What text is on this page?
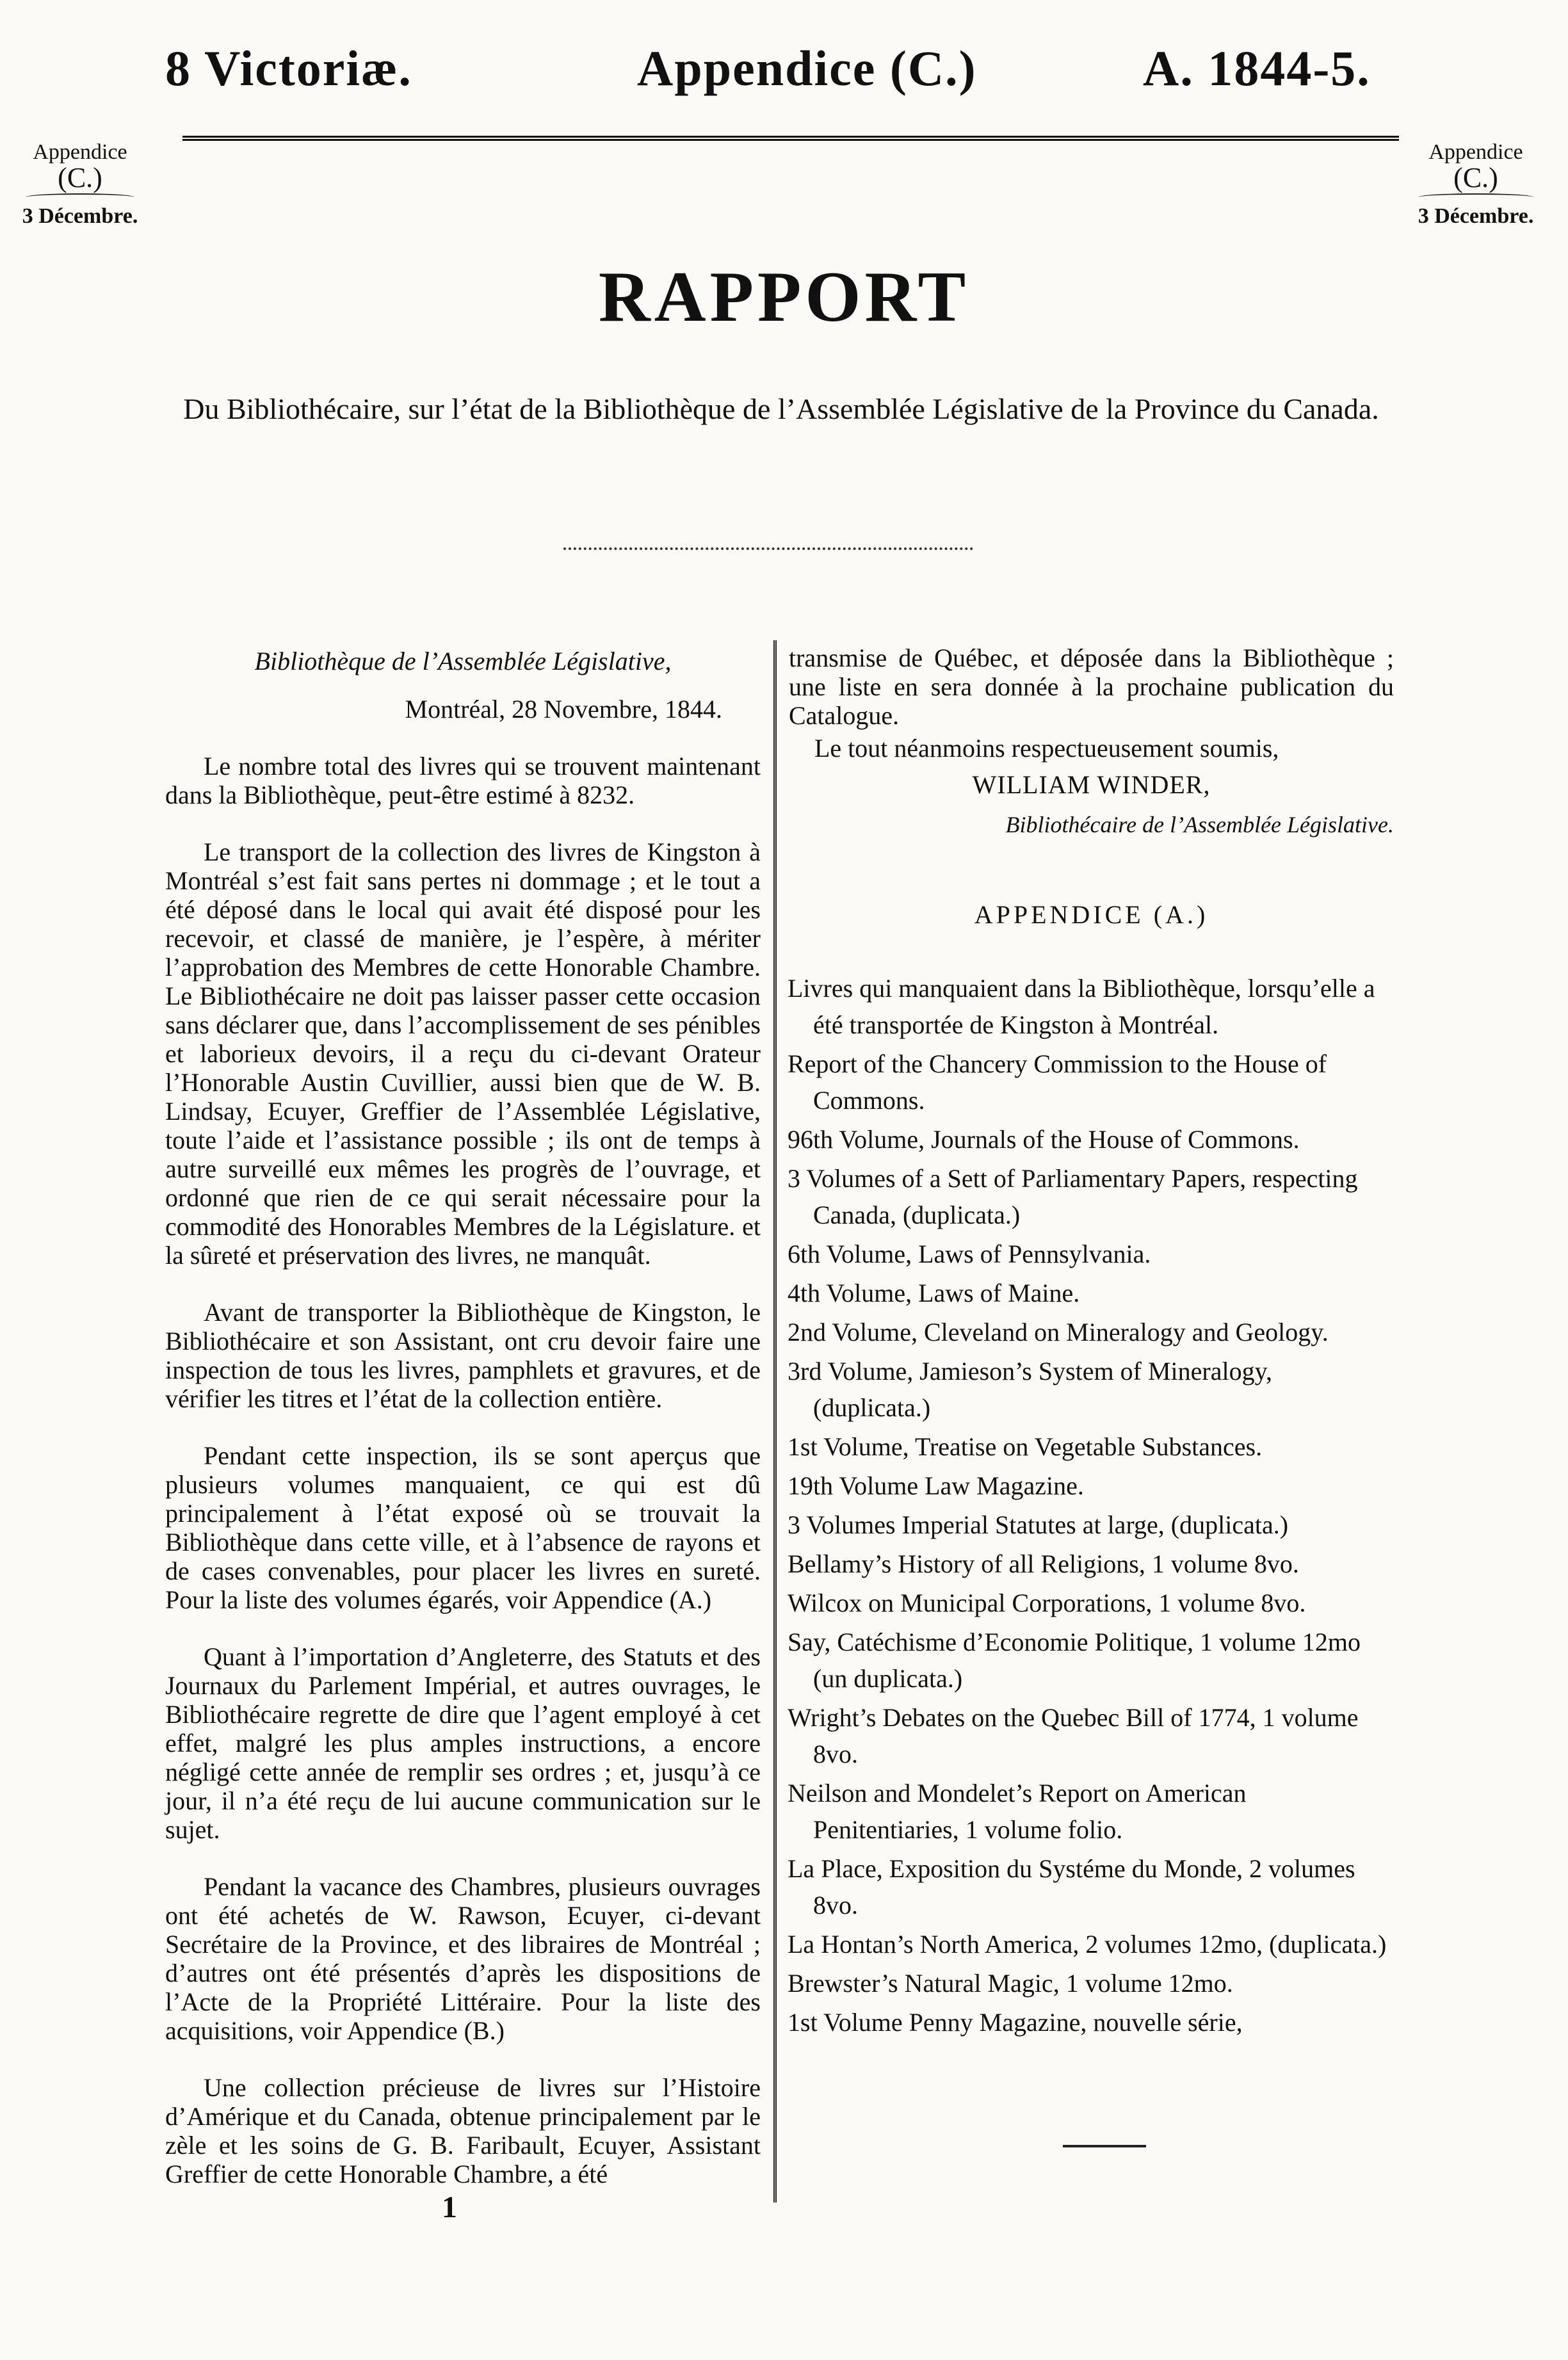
8 Victoriæ.	Appendice (C.)	A. 1844-5.
Appendice
(C.)
3 Décembre.
Appendice
(C.)
3 Décembre.
RAPPORT
Du Bibliothécaire, sur l’état de la Bibliothèque de l’Assemblée Législative de la Province du Canada.
Bibliothèque de l’Assemblée Législative,
Montréal, 28 Novembre, 1844.

Le nombre total des livres qui se trouvent maintenant dans la Bibliothèque, peut-être estimé à 8232.

Le transport de la collection des livres de Kingston à Montréal s’est fait sans pertes ni dommage ; et le tout a été déposé dans le local qui avait été disposé pour les recevoir, et classé de manière, je l’espère, à mériter l’approbation des Membres de cette Honorable Chambre. Le Bibliothécaire ne doit pas laisser passer cette occasion sans déclarer que, dans l’accomplissement de ses pénibles et laborieux devoirs, il a reçu du ci-devant Orateur l’Honorable Austin Cuvillier, aussi bien que de W. B. Lindsay, Ecuyer, Greffier de l’Assemblée Législative, toute l’aide et l’assistance possible ; ils ont de temps à autre surveillé eux mêmes les progrès de l’ouvrage, et ordonné que rien de ce qui serait nécessaire pour la commodité des Honorables Membres de la Législature. et la sûreté et préservation des livres, ne manquât.

Avant de transporter la Bibliothèque de Kingston, le Bibliothécaire et son Assistant, ont cru devoir faire une inspection de tous les livres, pamphlets et gravures, et de vérifier les titres et l’état de la collection entière.

Pendant cette inspection, ils se sont aperçus que plusieurs volumes manquaient, ce qui est dû principalement à l’état exposé où se trouvait la Bibliothèque dans cette ville, et à l’absence de rayons et de cases convenables, pour placer les livres en sureté. Pour la liste des volumes égarés, voir Appendice (A.)

Quant à l’importation d’Angleterre, des Statuts et des Journaux du Parlement Impérial, et autres ouvrages, le Bibliothécaire regrette de dire que l’agent employé à cet effet, malgré les plus amples instructions, a encore négligé cette année de remplir ses ordres ; et, jusqu’à ce jour, il n’a été reçu de lui aucune communication sur le sujet.

Pendant la vacance des Chambres, plusieurs ouvrages ont été achetés de W. Rawson, Ecuyer, ci-devant Secrétaire de la Province, et des libraires de Montréal ; d’autres ont été présentés d’après les dispositions de l’Acte de la Propriété Littéraire. Pour la liste des acquisitions, voir Appendice (B.)

Une collection précieuse de livres sur l’Histoire d’Amérique et du Canada, obtenue principalement par le zèle et les soins de G. B. Faribault, Ecuyer, Assistant Greffier de cette Honorable Chambre, a été

transmise de Québec, et déposée dans la Bibliothèque ; une liste en sera donnée à la prochaine publication du Catalogue.

Le tout néanmoins respectueusement soumis,

WILLIAM WINDER,
Bibliothécaire de l’Assemblée Législative.
APPENDICE (A.)
Livres qui manquaient dans la Bibliothèque, lorsqu’elle a été transportée de Kingston à Montréal.
Report of the Chancery Commission to the House of Commons.
96th Volume, Journals of the House of Commons.
3 Volumes of a Sett of Parliamentary Papers, respecting Canada, (duplicata.)
6th Volume, Laws of Pennsylvania.
4th Volume, Laws of Maine.
2nd Volume, Cleveland on Mineralogy and Geology.
3rd Volume, Jamieson’s System of Mineralogy, (duplicata.)
1st Volume, Treatise on Vegetable Substances.
19th Volume Law Magazine.
3 Volumes Imperial Statutes at large, (duplicata.)
Bellamy’s History of all Religions, 1 volume 8vo.
Wilcox on Municipal Corporations, 1 volume 8vo.
Say, Catéchisme d’Economie Politique, 1 volume 12mo (un duplicata.)
Wright’s Debates on the Quebec Bill of 1774, 1 volume 8vo.
Neilson and Mondelet’s Report on American Penitentiaries, 1 volume folio.
La Place, Exposition du Systéme du Monde, 2 volumes 8vo.
La Hontan’s North America, 2 volumes 12mo, (duplicata.)
Brewster’s Natural Magic, 1 volume 12mo.
1st Volume Penny Magazine, nouvelle série,
1
